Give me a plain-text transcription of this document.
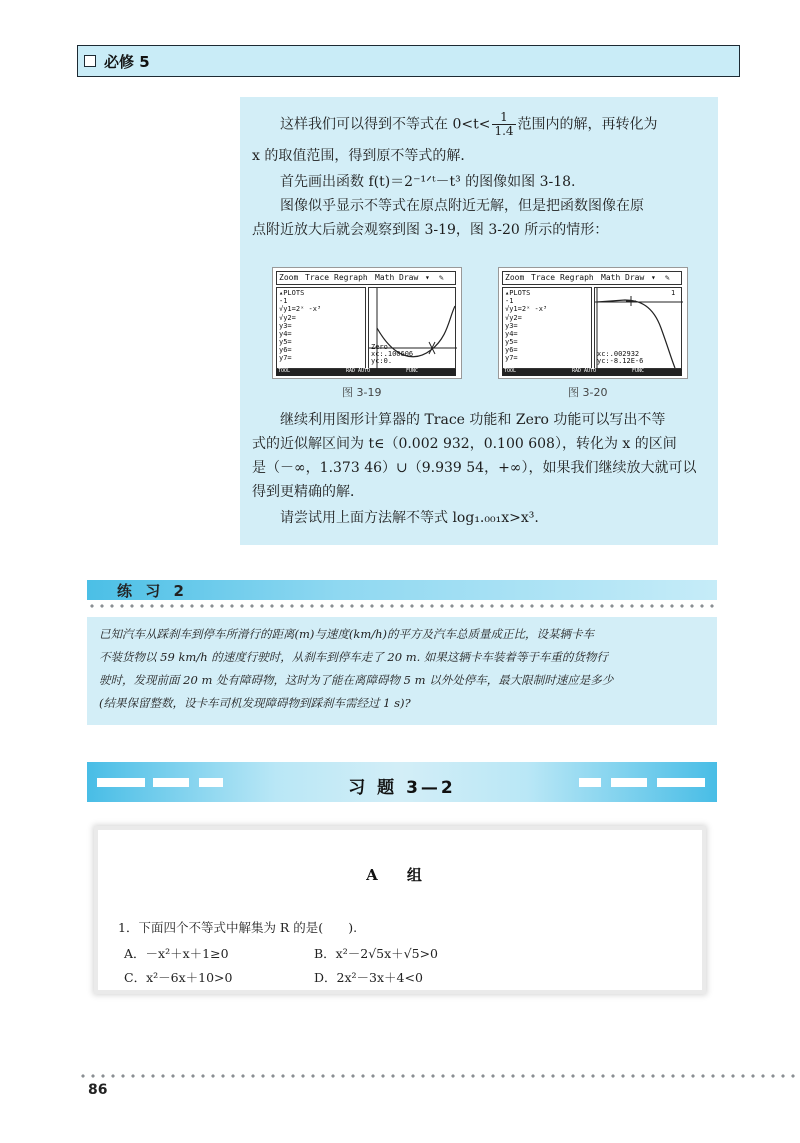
必修 5
这样我们可以得到不等式在 $0<t< \frac{1}{1.4}$ 范围内的解，再转化为
x 的取值范围，得到原不等式的解．
首先画出函数 f(t)＝2⁻¹ᐟᵗ－t³ 的图像如图 3-18.
图像似乎显示不等式在原点附近无解，但是把函数图像在原
点附近放大后就会观察到图 3-19，图 3-20 所示的情形：
Zoom Trace Regraph Math Draw ▾ ✎
▴PLOTS
-1
√y1=2ˣ -x³
√y2=
y3=
y4=
y5=
y6=
y7=
Zero
xc:.100606
yc:0.
TOOL	RAD AUTO	FUNC
图 3-19
Zoom Trace Regraph Math Draw ▾ ✎
▴PLOTS
-1
√y1=2ˣ -x³
√y2=
y3=
y4=
y5=
y6=
y7=
1
xc:.002932
yc:-8.12E-6
TOOL	RAD AUTO	FUNC
图 3-20
继续利用图形计算器的 Trace 功能和 Zero 功能可以写出不等
式的近似解区间为 t∈（0.002 932，0.100 608），转化为 x 的区间
是（－∞，1.373 46）∪（9.939 54，+∞），如果我们继续放大就可以
得到更精确的解．
请尝试用上面方法解不等式 log₁.₀₀₁x>x³.
练 习 2
已知汽车从踩刹车到停车所滑行的距离(m)与速度(km/h)的平方及汽车总质量成正比，设某辆卡车
不装货物以 59 km/h 的速度行驶时，从刹车到停车走了 20 m. 如果这辆卡车装着等于车重的货物行
驶时，发现前面 20 m 处有障碍物，这时为了能在离障碍物 5 m 以外处停车，最大限制时速应是多少
(结果保留整数，设卡车司机发现障碍物到踩刹车需经过 1 s)?
习 题 3—2
A 组
1．下面四个不等式中解集为 R 的是(　　).
A．－x²＋x＋1≥0	B．x²－2√5x＋√5>0
C．x²－6x＋10>0	D．2x²－3x＋4<0
86
